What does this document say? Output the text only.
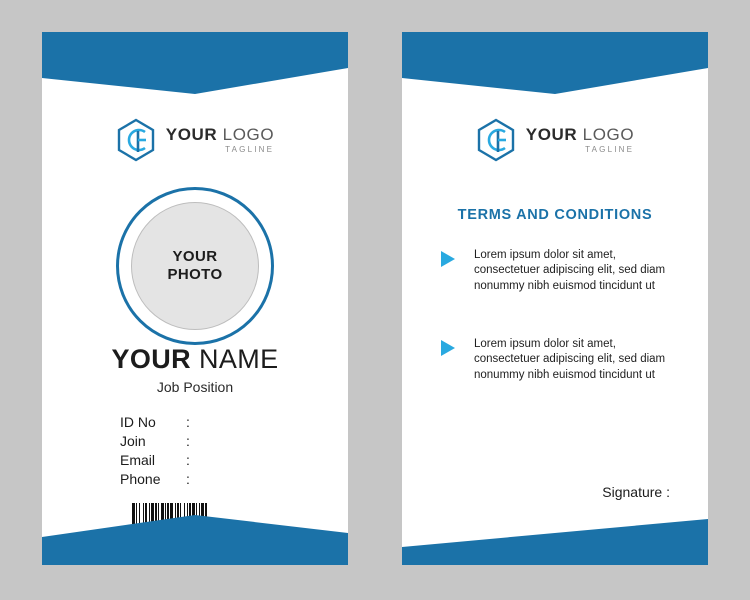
YOUR LOGO
TAGLINE
YOUR
PHOTO
YOUR NAME
Job Position
ID No	:
Join	:
Email	:
Phone	:
YOUR LOGO
TAGLINE
TERMS AND CONDITIONS
Lorem ipsum dolor sit amet, consectetuer adipiscing elit, sed diam nonummy nibh euismod tincidunt ut
Lorem ipsum dolor sit amet, consectetuer adipiscing elit, sed diam nonummy nibh euismod tincidunt ut
Signature :
